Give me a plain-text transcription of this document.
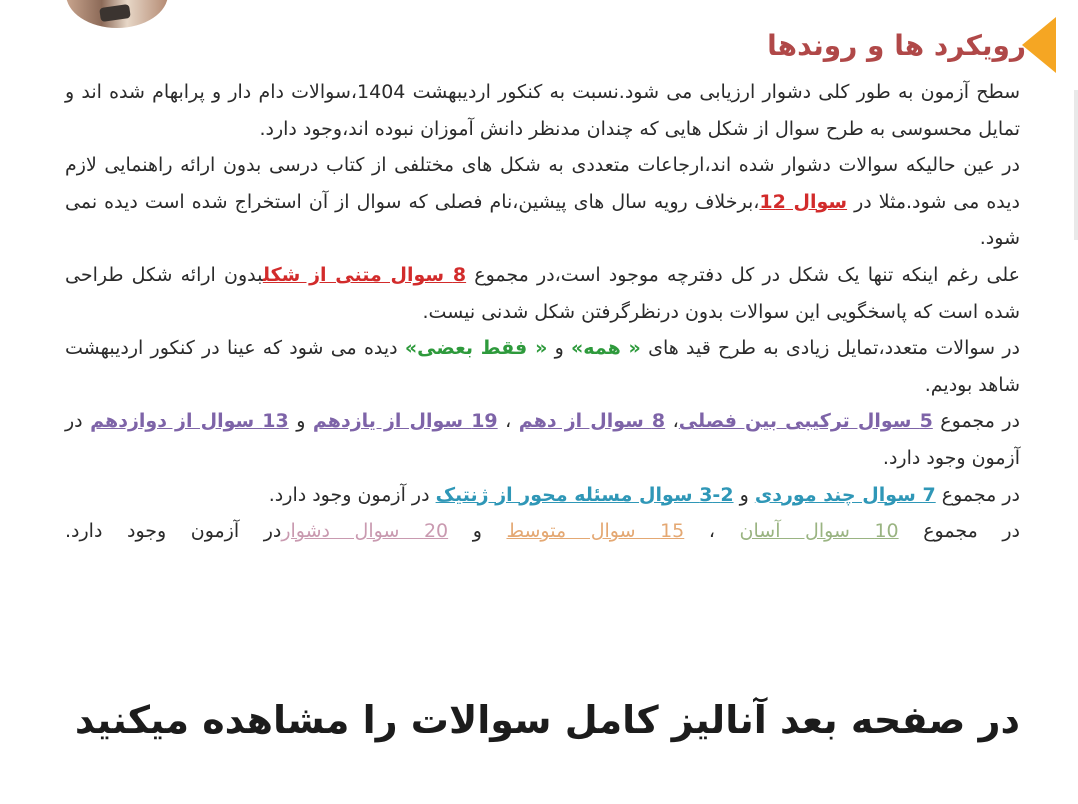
رویکرد ها و روندها

سطح آزمون به طور کلی دشوار ارزیابی می شود.نسبت به کنکور اردیبهشت 1404،سوالات دام دار و پرابهام شده اند و تمایل محسوسی به طرح سوال از شکل هایی که چندان مدنظر دانش آموزان نبوده اند،وجود دارد.

در عین حالیکه سوالات دشوار شده اند،ارجاعات متعددی به شکل های مختلفی از کتاب درسی بدون ارائه راهنمایی لازم دیده می شود.مثلا در سوال 12،برخلاف رویه سال های پیشین،نام فصلی که سوال از آن استخراج شده است دیده نمی شود.

علی رغم اینکه تنها یک شکل در کل دفترچه موجود است،در مجموع 8 سوال متنی از شکلبدون ارائه شکل طراحی شده است که پاسخگویی این سوالات بدون درنظرگرفتن شکل شدنی نیست.

در سوالات متعدد،تمایل زیادی به طرح قید های « همه» و « فقط بعضی» دیده می شود که عینا در کنکور اردیبهشت شاهد بودیم.

در مجموع 5 سوال ترکیبی بین فصلی، 8 سوال از دهم ، 19 سوال از یازدهم و 13 سوال از دوازدهم در آزمون وجود دارد.

در مجموع 7 سوال چند موردی و 2-3 سوال مسئله محور از ژنتیک در آزمون وجود دارد.

در مجموع 10 سوال آسان ، 15 سوال متوسط و 20 سوال دشواردر آزمون وجود دارد.

در صفحه بعد آنالیز کامل سوالات را مشاهده میکنید
